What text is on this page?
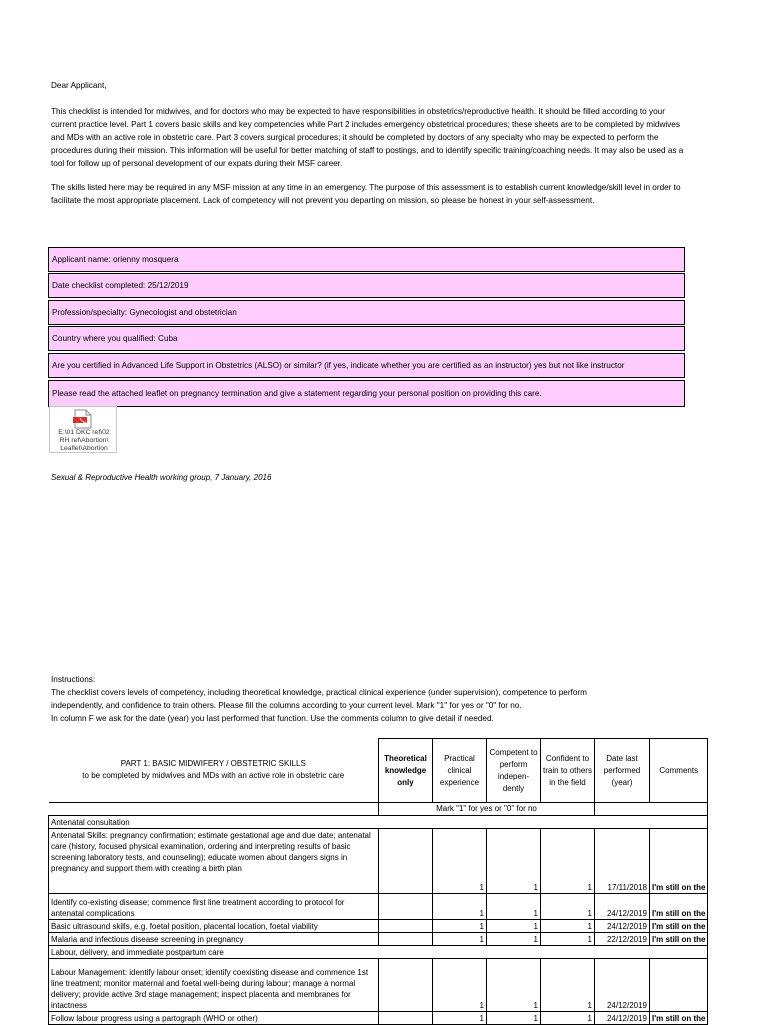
Dear Applicant,
This checklist is intended for midwives, and for doctors who may be expected to have responsibilities in obstetrics/reproductive health. It should be filled according to your current practice level. Part 1 covers basic skills and key competencies while Part 2 includes emergency obstetrical procedures; these sheets are to be completed by midwives and MDs with an active role in obstetric care. Part 3 covers surgical procedures; it should be completed by doctors of any specialty who may be expected to perform the procedures during their mission. This information will be useful for better matching of staff to postings, and to identify specific training/coaching needs. It may also be used as a tool for follow up of personal development of our expats during their MSF career.
The skills listed here may be required in any MSF mission at any time in an emergency. The purpose of this assessment is to establish current knowledge/skill level in order to facilitate the most appropriate placement. Lack of competency will not prevent you departing on mission, so please be honest in your self-assessment.
Applicant name: orienny mosquera
Date checklist completed: 25/12/2019
Profession/specialty: Gynecologist and obstetrician
Country where you qualified: Cuba
Are you certified in Advanced Life Support in Obstetrics (ALSO) or similar? (if yes, indicate whether you are certified as an instructor) yes but not like instructor
Please read the attached leaflet on pregnancy termination and give a statement regarding your personal position on providing this care.
E:\01 DKC ref\02
RH ref\Abortion\
Leaflet\Abortion
Sexual & Reproductive Health working group, 7 January, 2016
Instructions:
The checklist covers levels of competency, including theoretical knowledge, practical clinical experience (under supervision), competence to perform
independently, and confidence to train others. Please fill the columns according to your current level. Mark "1" for yes or "0" for no.
In column F we ask for the date (year) you last performed that function. Use the comments column to give detail if needed.
PART 1: BASIC MIDWIFERY / OBSTETRIC SKILLS
to be completed by midwives and MDs with an active role in obstetric care	Theoretical knowledge only	Practical clinical experience	Competent to perform indepen-dently	Confident to train to others in the field	Date last performed (year)	Comments
	Mark "1" for yes or "0" for no					
Antenatal consultation						
Antenatal Skills: pregnancy confirmation; estimate gestational age and due date; antenatal care (history, focused physical examination, ordering and interpreting results of basic screening laboratory tests, and counseling); educate women about dangers signs in pregnancy and support them with creating a birth plan		1	1	1	17/11/2018	I'm still on the
Identify co-existing disease; commence first line treatment according to protocol for antenatal complications		1	1	1	24/12/2019	I'm still on the
Basic ultrasound skills, e.g. foetal position, placental location, foetal viability		1	1	1	24/12/2019	I'm still on the
Malaria and infectious disease screening in pregnancy		1	1	1	22/12/2019	I'm still on the
Labour, delivery, and immediate postpartum care						
Labour Management: identify labour onset; identify coexisting disease and commence 1st line treatment; monitor maternal and foetal well-being during labour; manage a normal delivery; provide active 3rd stage management; inspect placenta and membranes for intactness		1	1	1	24/12/2019	
Follow labour progress using a partograph (WHO or other)		1	1	1	24/12/2019	I'm still on the
